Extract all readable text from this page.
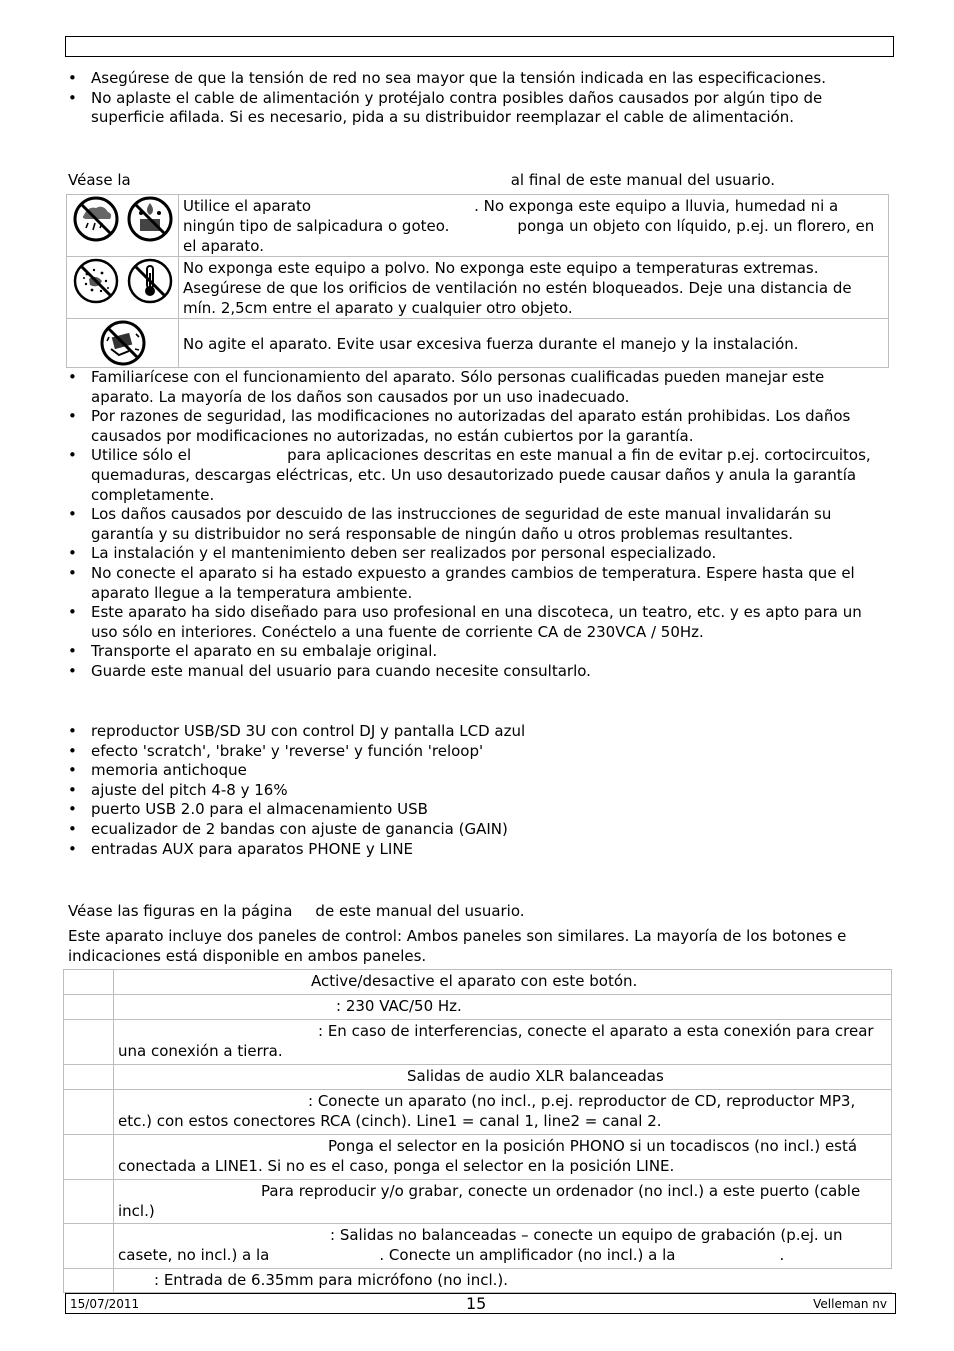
• Asegúrese de que la tensión de red no sea mayor que la tensión indicada en las especificaciones.
• No aplaste el cable de alimentación y protéjalo contra posibles daños causados por algún tipo de superficie afilada. Si es necesario, pida a su distribuidor reemplazar el cable de alimentación.
Véase la	al final de este manual del usuario.
	Utilice el aparato . No exponga este equipo a lluvia, humedad ni a ningún tipo de salpicadura o goteo. ponga un objeto con líquido, p.ej. un florero, en el aparato.

	No exponga este equipo a polvo. No exponga este equipo a temperaturas extremas. Asegúrese de que los orificios de ventilación no estén bloqueados. Deje una distancia de mín. 2,5cm entre el aparato y cualquier otro objeto.

	No agite el aparato. Evite usar excesiva fuerza durante el manejo y la instalación.
• Familiarícese con el funcionamiento del aparato. Sólo personas cualificadas pueden manejar este aparato. La mayoría de los daños son causados por un uso inadecuado.
• Por razones de seguridad, las modificaciones no autorizadas del aparato están prohibidas. Los daños causados por modificaciones no autorizadas, no están cubiertos por la garantía.
• Utilice sólo el	para aplicaciones descritas en este manual a fin de evitar p.ej. cortocircuitos, quemaduras, descargas eléctricas, etc. Un uso desautorizado puede causar daños y anula la garantía completamente.
• Los daños causados por descuido de las instrucciones de seguridad de este manual invalidarán su garantía y su distribuidor no será responsable de ningún daño u otros problemas resultantes.
• La instalación y el mantenimiento deben ser realizados por personal especializado.
• No conecte el aparato si ha estado expuesto a grandes cambios de temperatura. Espere hasta que el aparato llegue a la temperatura ambiente.
• Este aparato ha sido diseñado para uso profesional en una discoteca, un teatro, etc. y es apto para un uso sólo en interiores. Conéctelo a una fuente de corriente CA de 230VCA / 50Hz.
• Transporte el aparato en su embalaje original.
• Guarde este manual del usuario para cuando necesite consultarlo.
• reproductor USB/SD 3U con control DJ y pantalla LCD azul
• efecto 'scratch', 'brake' y 'reverse' y función 'reloop'
• memoria antichoque
• ajuste del pitch 4-8 y 16%
• puerto USB 2.0 para el almacenamiento USB
• ecualizador de 2 bandas con ajuste de ganancia (GAIN)
• entradas AUX para aparatos PHONE y LINE
Véase las figuras en la página de este manual del usuario.
Este aparato incluye dos paneles de control: Ambos paneles son similares. La mayoría de los botones e indicaciones está disponible en ambos paneles.
	Active/desactive el aparato con este botón.
	: 230 VAC/50 Hz.
	: En caso de interferencias, conecte el aparato a esta conexión para crear una conexión a tierra.
	Salidas de audio XLR balanceadas
	: Conecte un aparato (no incl., p.ej. reproductor de CD, reproductor MP3, etc.) con estos conectores RCA (cinch). Line1 = canal 1, line2 = canal 2.
	Ponga el selector en la posición PHONO si un tocadiscos (no incl.) está conectada a LINE1. Si no es el caso, ponga el selector en la posición LINE.
	Para reproducir y/o grabar, conecte un ordenador (no incl.) a este puerto (cable incl.)
	: Salidas no balanceadas – conecte un equipo de grabación (p.ej. un casete, no incl.) a la . Conecte un amplificador (no incl.) a la .
	: Entrada de 6.35mm para micrófono (no incl.).
15/07/2011	15	Velleman nv
